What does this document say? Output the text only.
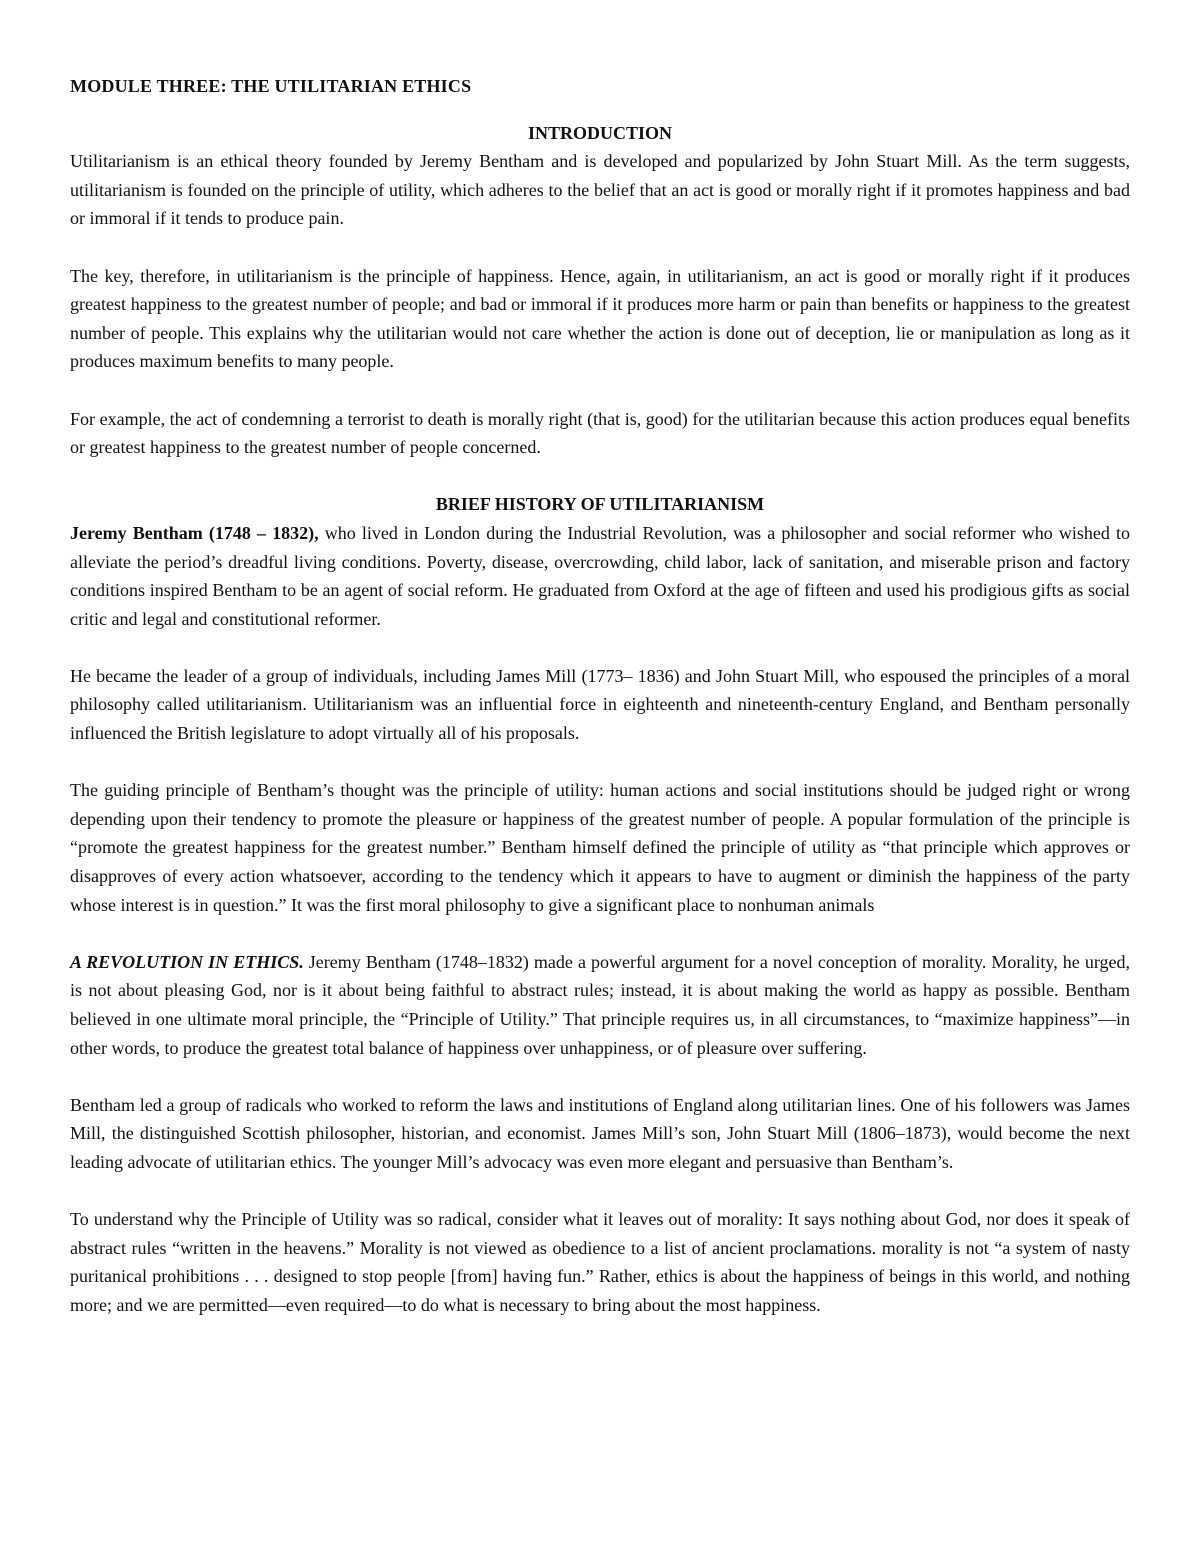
MODULE THREE: THE UTILITARIAN ETHICS
INTRODUCTION

Utilitarianism is an ethical theory founded by Jeremy Bentham and is developed and popularized by John Stuart Mill. As the term suggests, utilitarianism is founded on the principle of utility, which adheres to the belief that an act is good or morally right if it promotes happiness and bad or immoral if it tends to produce pain.

The key, therefore, in utilitarianism is the principle of happiness. Hence, again, in utilitarianism, an act is good or morally right if it produces greatest happiness to the greatest number of people; and bad or immoral if it produces more harm or pain than benefits or happiness to the greatest number of people. This explains why the utilitarian would not care whether the action is done out of deception, lie or manipulation as long as it produces maximum benefits to many people.

For example, the act of condemning a terrorist to death is morally right (that is, good) for the utilitarian because this action produces equal benefits or greatest happiness to the greatest number of people concerned.

BRIEF HISTORY OF UTILITARIANISM

Jeremy Bentham (1748 – 1832), who lived in London during the Industrial Revolution, was a philosopher and social reformer who wished to alleviate the period’s dreadful living conditions. Poverty, disease, overcrowding, child labor, lack of sanitation, and miserable prison and factory conditions inspired Bentham to be an agent of social reform. He graduated from Oxford at the age of fifteen and used his prodigious gifts as social critic and legal and constitutional reformer.

He became the leader of a group of individuals, including James Mill (1773– 1836) and John Stuart Mill, who espoused the principles of a moral philosophy called utilitarianism. Utilitarianism was an influential force in eighteenth and nineteenth-century England, and Bentham personally influenced the British legislature to adopt virtually all of his proposals.

The guiding principle of Bentham’s thought was the principle of utility: human actions and social institutions should be judged right or wrong depending upon their tendency to promote the pleasure or happiness of the greatest number of people. A popular formulation of the principle is “promote the greatest happiness for the greatest number.” Bentham himself defined the principle of utility as “that principle which approves or disapproves of every action whatsoever, according to the tendency which it appears to have to augment or diminish the happiness of the party whose interest is in question.” It was the first moral philosophy to give a significant place to nonhuman animals

A REVOLUTION IN ETHICS. Jeremy Bentham (1748–1832) made a powerful argument for a novel conception of morality. Morality, he urged, is not about pleasing God, nor is it about being faithful to abstract rules; instead, it is about making the world as happy as possible. Bentham believed in one ultimate moral principle, the “Principle of Utility.” That principle requires us, in all circumstances, to “maximize happiness”—in other words, to produce the greatest total balance of happiness over unhappiness, or of pleasure over suffering.

Bentham led a group of radicals who worked to reform the laws and institutions of England along utilitarian lines. One of his followers was James Mill, the distinguished Scottish philosopher, historian, and economist. James Mill’s son, John Stuart Mill (1806–1873), would become the next leading advocate of utilitarian ethics. The younger Mill’s advocacy was even more elegant and persuasive than Bentham’s.

To understand why the Principle of Utility was so radical, consider what it leaves out of morality: It says nothing about God, nor does it speak of abstract rules “written in the heavens.” Morality is not viewed as obedience to a list of ancient proclamations. morality is not “a system of nasty puritanical prohibitions . . . designed to stop people [from] having fun.” Rather, ethics is about the happiness of beings in this world, and nothing more; and we are permitted—even required—to do what is necessary to bring about the most happiness.
